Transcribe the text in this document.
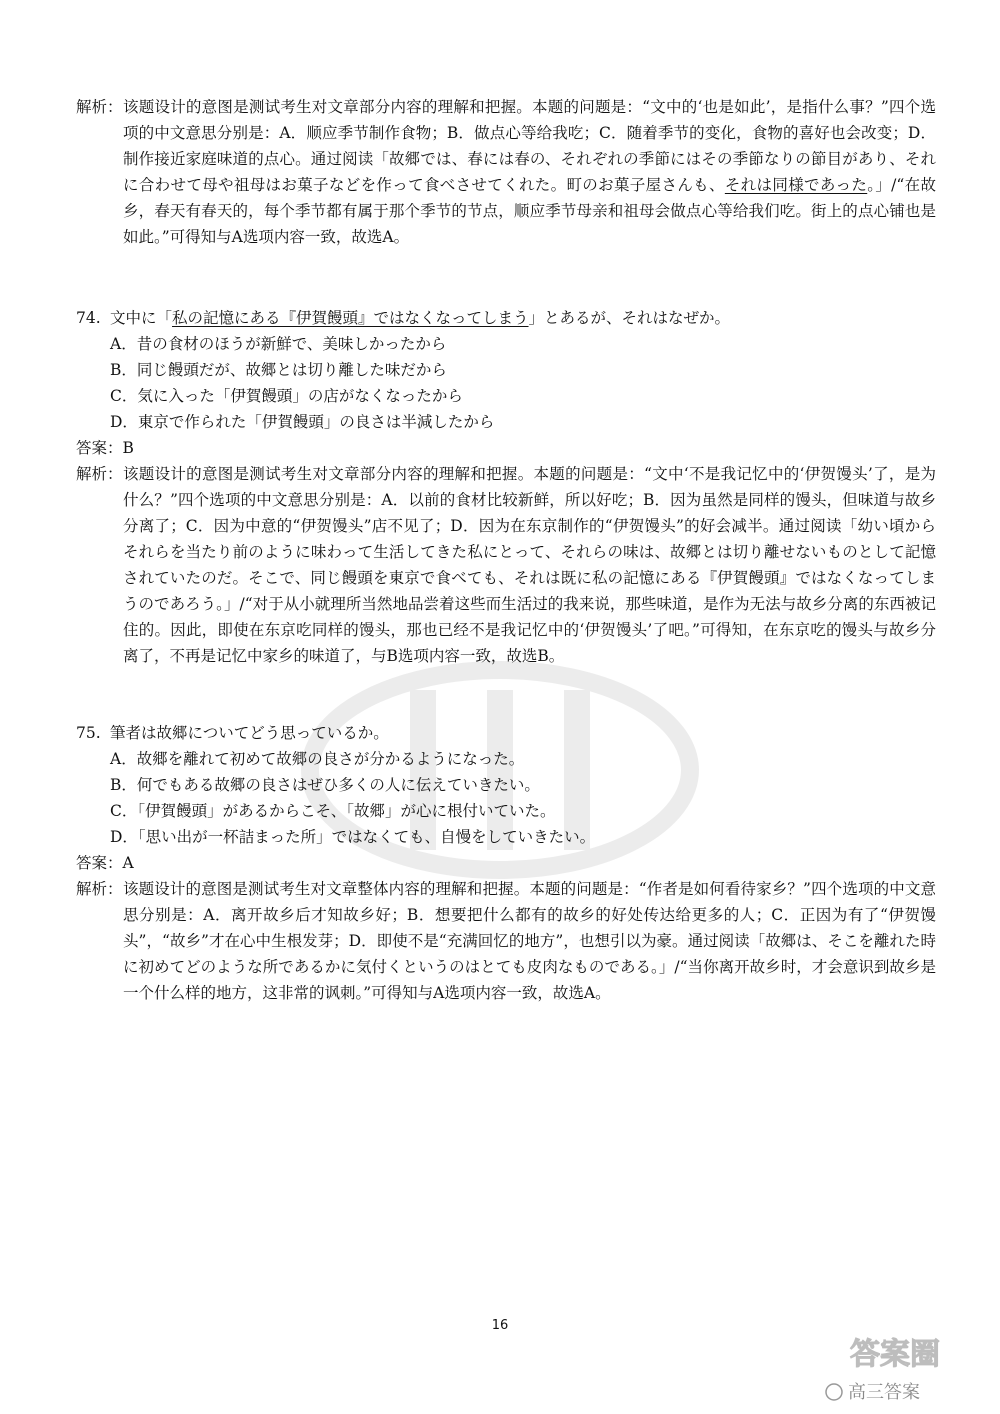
解析： 该题设计的意图是测试考生对文章部分内容的理解和把握。本题的问题是：“文中的‘也是如此’，是指什么事？”四个选项的中文意思分别是：A．顺应季节制作食物；B．做点心等给我吃；C．随着季节的变化，食物的喜好也会改变；D．制作接近家庭味道的点心。通过阅读「故郷では、春には春の、それぞれの季節にはその季節なりの節目があり、それに合わせて母や祖母はお菓子などを作って食べさせてくれた。町のお菓子屋さんも、それは同様であった。」/“在故乡，春天有春天的，每个季节都有属于那个季节的节点，顺应季节母亲和祖母会做点心等给我们吃。街上的点心铺也是如此。”可得知与A选项内容一致，故选A。
74. 文中に「私の記憶にある『伊賀饅頭』ではなくなってしまう」とあるが、それはなぜか。
A．昔の食材のほうが新鮮で、美味しかったから
B．同じ饅頭だが、故郷とは切り離した味だから
C．気に入った「伊賀饅頭」の店がなくなったから
D．東京で作られた「伊賀饅頭」の良さは半減したから
答案：B
解析： 该题设计的意图是测试考生对文章部分内容的理解和把握。本题的问题是：“文中‘不是我记忆中的‘伊贺馒头’了，是为什么？”四个选项的中文意思分别是：A．以前的食材比较新鲜，所以好吃；B．因为虽然是同样的馒头，但味道与故乡分离了；C．因为中意的“伊贺馒头”店不见了；D．因为在东京制作的“伊贺馒头”的好会减半。通过阅读「幼い頃からそれらを当たり前のように味わって生活してきた私にとって、それらの味は、故郷とは切り離せないものとして記憶されていたのだ。そこで、同じ饅頭を東京で食べても、それは既に私の記憶にある『伊賀饅頭』ではなくなってしまうのであろう。」/“对于从小就理所当然地品尝着这些而生活过的我来说，那些味道，是作为无法与故乡分离的东西被记住的。因此，即使在东京吃同样的馒头，那也已经不是我记忆中的‘伊贺馒头’了吧。”可得知，在东京吃的馒头与故乡分离了，不再是记忆中家乡的味道了，与B选项内容一致，故选B。
75. 筆者は故郷についてどう思っているか。
A．故郷を離れて初めて故郷の良さが分かるようになった。
B．何でもある故郷の良さはぜひ多くの人に伝えていきたい。
C．「伊賀饅頭」があるからこそ、「故郷」が心に根付いていた。
D．「思い出が一杯詰まった所」ではなくても、自慢をしていきたい。
答案：A
解析： 该题设计的意图是测试考生对文章整体内容的理解和把握。本题的问题是：“作者是如何看待家乡？”四个选项的中文意思分别是：A．离开故乡后才知故乡好；B．想要把什么都有的故乡的好处传达给更多的人；C．正因为有了“伊贺馒头”，“故乡”才在心中生根发芽；D．即使不是“充满回忆的地方”，也想引以为豪。通过阅读「故郷は、そこを離れた時に初めてどのような所であるかに気付くというのはとても皮肉なものである。」/“当你离开故乡时，才会意识到故乡是一个什么样的地方，这非常的讽刺。”可得知与A选项内容一致，故选A。
16
答案圈
高三答案
